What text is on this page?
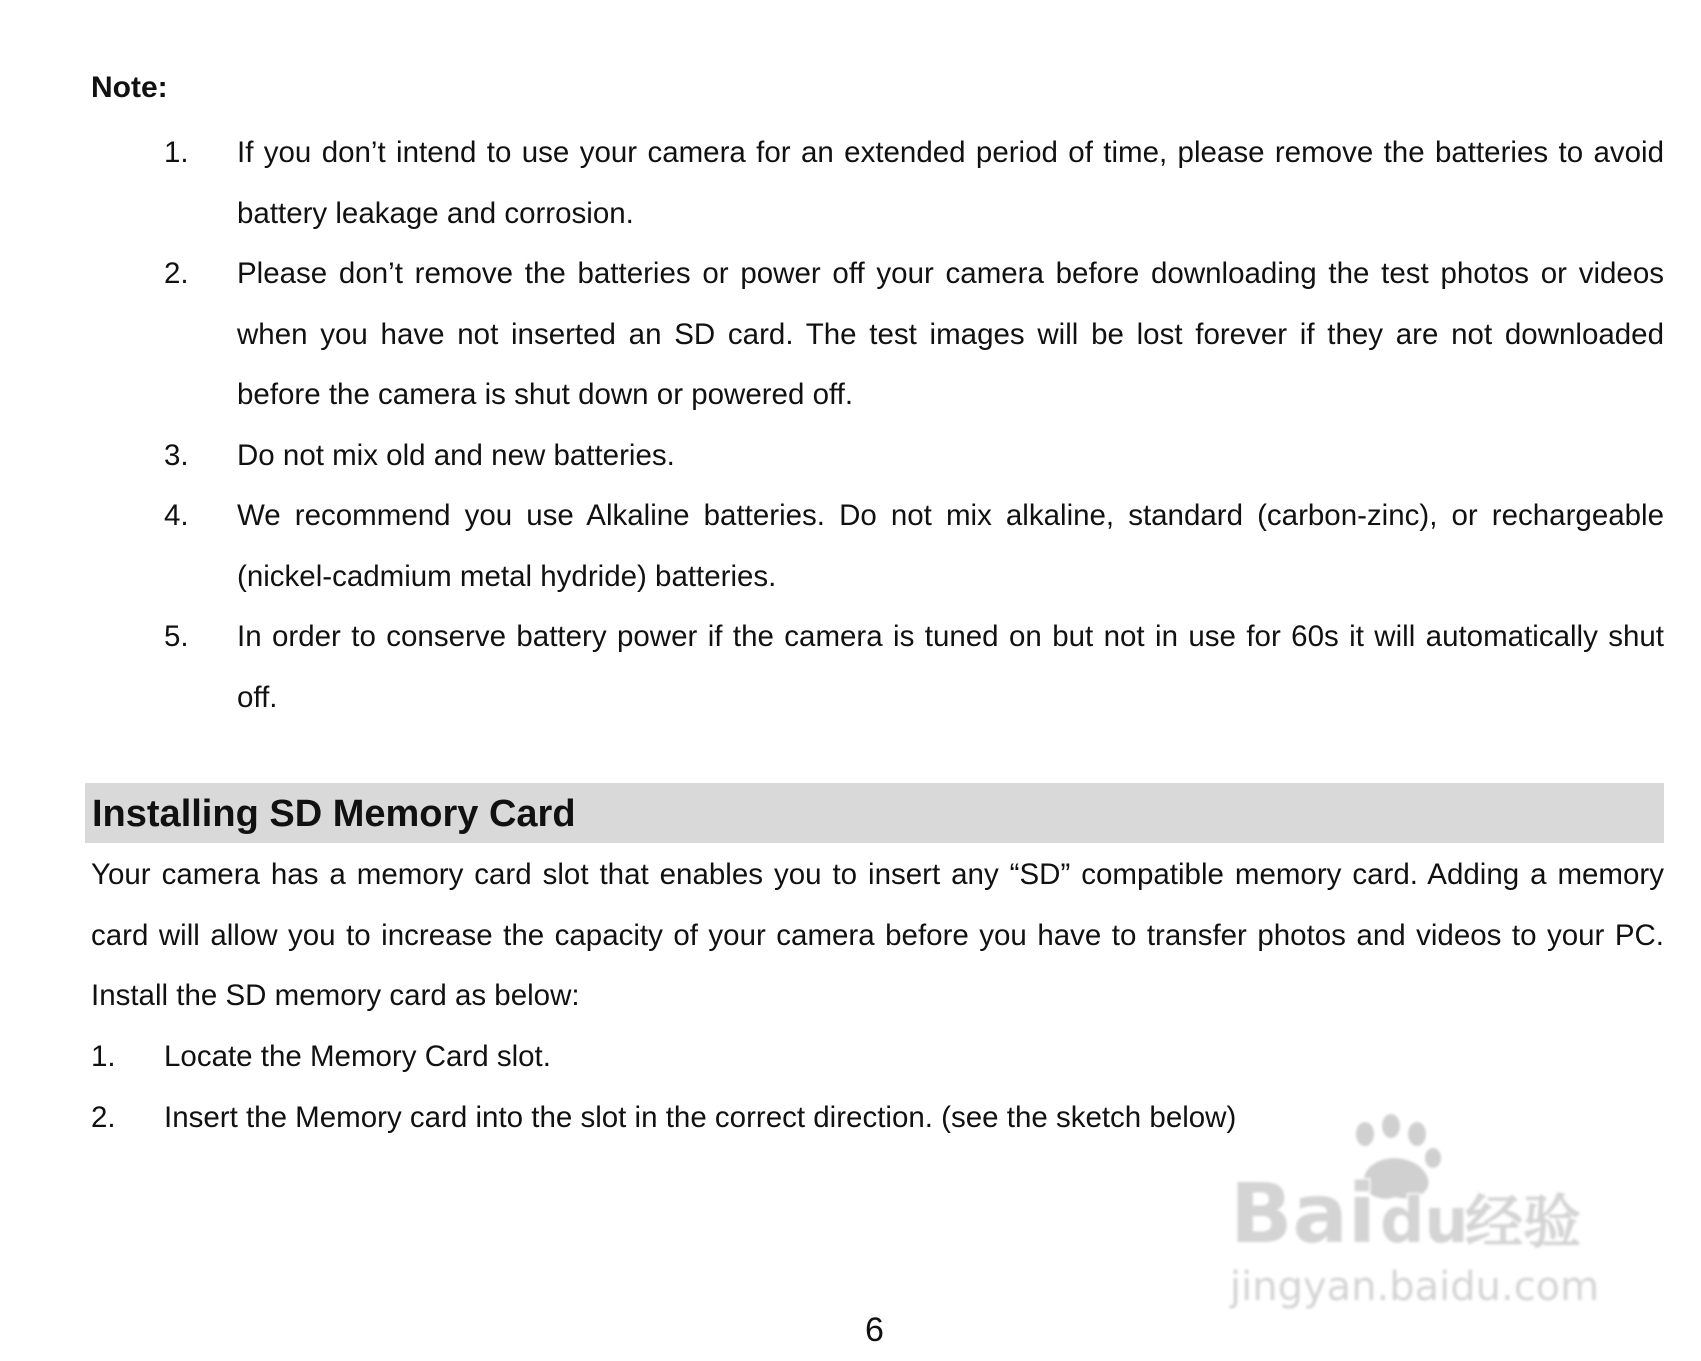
Note:
1.	If you don’t intend to use your camera for an extended period of time, please remove the batteries to avoid battery leakage and corrosion.
2.	Please don’t remove the batteries or power off your camera before downloading the test photos or videos when you have not inserted an SD card. The test images will be lost forever if they are not downloaded before the camera is shut down or powered off.
3.	Do not mix old and new batteries.
4.	We recommend you use Alkaline batteries. Do not mix alkaline, standard (carbon-zinc), or rechargeable (nickel-cadmium metal hydride) batteries.
5.	In order to conserve battery power if the camera is tuned on but not in use for 60s it will automatically shut off.
Installing SD Memory Card

Your camera has a memory card slot that enables you to insert any “SD” compatible memory card. Adding a memory card will allow you to increase the capacity of your camera before you have to transfer photos and videos to your PC. Install the SD memory card as below:

1.	Locate the Memory Card slot.
2.	Insert the Memory card into the slot in the correct direction. (see the sketch below)
Bai du
经验
jingyan.baidu.com
6
